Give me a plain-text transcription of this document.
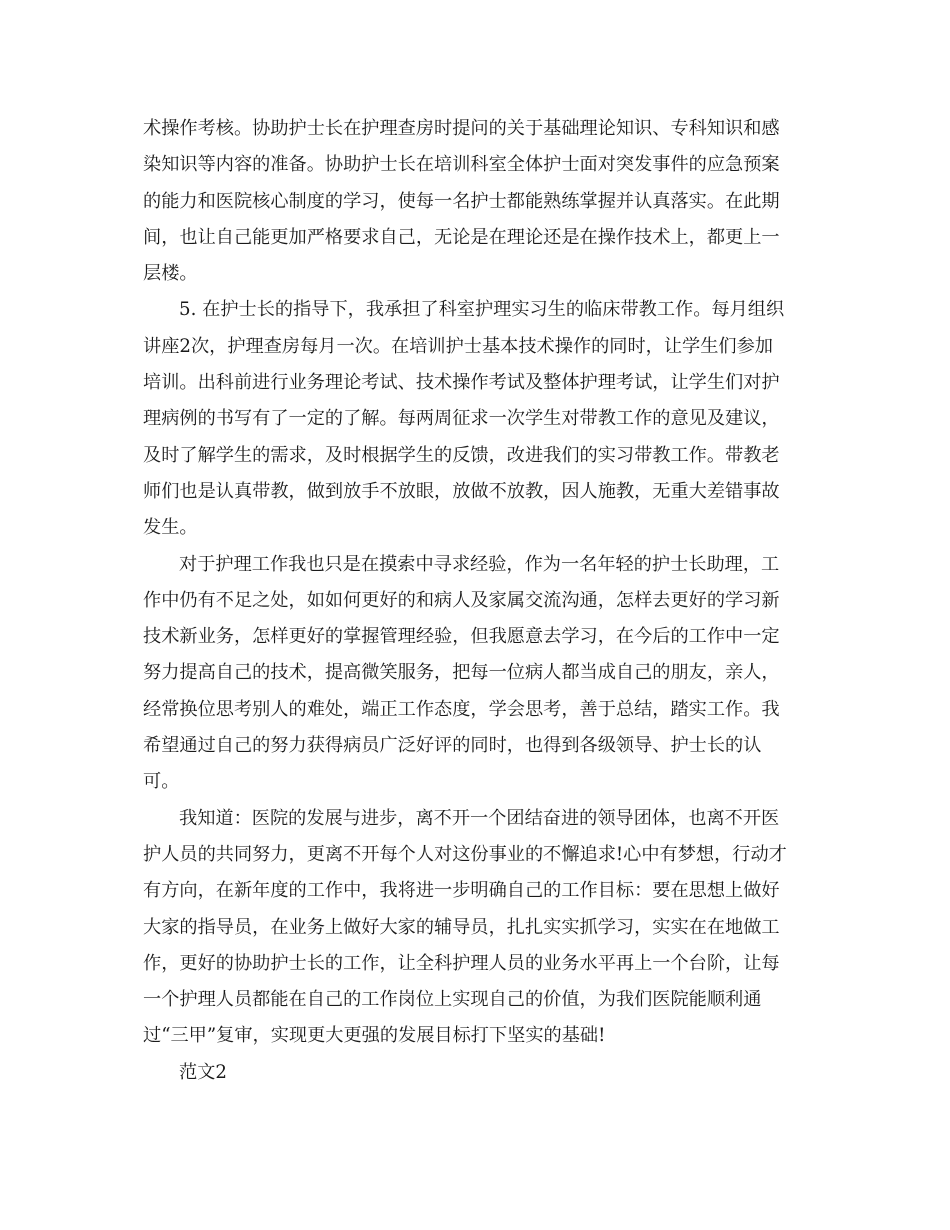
术操作考核。协助护士长在护理查房时提问的关于基础理论知识、专科知识和感
染知识等内容的准备。协助护士长在培训科室全体护士面对突发事件的应急预案
的能力和医院核心制度的学习，使每一名护士都能熟练掌握并认真落实。在此期
间，也让自己能更加严格要求自己，无论是在理论还是在操作技术上，都更上一
层楼。
5. 在护士长的指导下，我承担了科室护理实习生的临床带教工作。每月组织
讲座2次，护理查房每月一次。在培训护士基本技术操作的同时，让学生们参加
培训。出科前进行业务理论考试、技术操作考试及整体护理考试，让学生们对护
理病例的书写有了一定的了解。每两周征求一次学生对带教工作的意见及建议，
及时了解学生的需求，及时根据学生的反馈，改进我们的实习带教工作。带教老
师们也是认真带教，做到放手不放眼，放做不放教，因人施教，无重大差错事故
发生。
对于护理工作我也只是在摸索中寻求经验，作为一名年轻的护士长助理，工
作中仍有不足之处，如如何更好的和病人及家属交流沟通，怎样去更好的学习新
技术新业务，怎样更好的掌握管理经验，但我愿意去学习，在今后的工作中一定
努力提高自己的技术，提高微笑服务，把每一位病人都当成自己的朋友，亲人，
经常换位思考别人的难处，端正工作态度，学会思考，善于总结，踏实工作。我
希望通过自己的努力获得病员广泛好评的同时，也得到各级领导、护士长的认
可。
我知道：医院的发展与进步，离不开一个团结奋进的领导团体，也离不开医
护人员的共同努力，更离不开每个人对这份事业的不懈追求!心中有梦想，行动才
有方向，在新年度的工作中，我将进一步明确自己的工作目标：要在思想上做好
大家的指导员，在业务上做好大家的辅导员，扎扎实实抓学习，实实在在地做工
作，更好的协助护士长的工作，让全科护理人员的业务水平再上一个台阶，让每
一个护理人员都能在自己的工作岗位上实现自己的价值，为我们医院能顺利通
过“三甲”复审，实现更大更强的发展目标打下坚实的基础!
范文2
